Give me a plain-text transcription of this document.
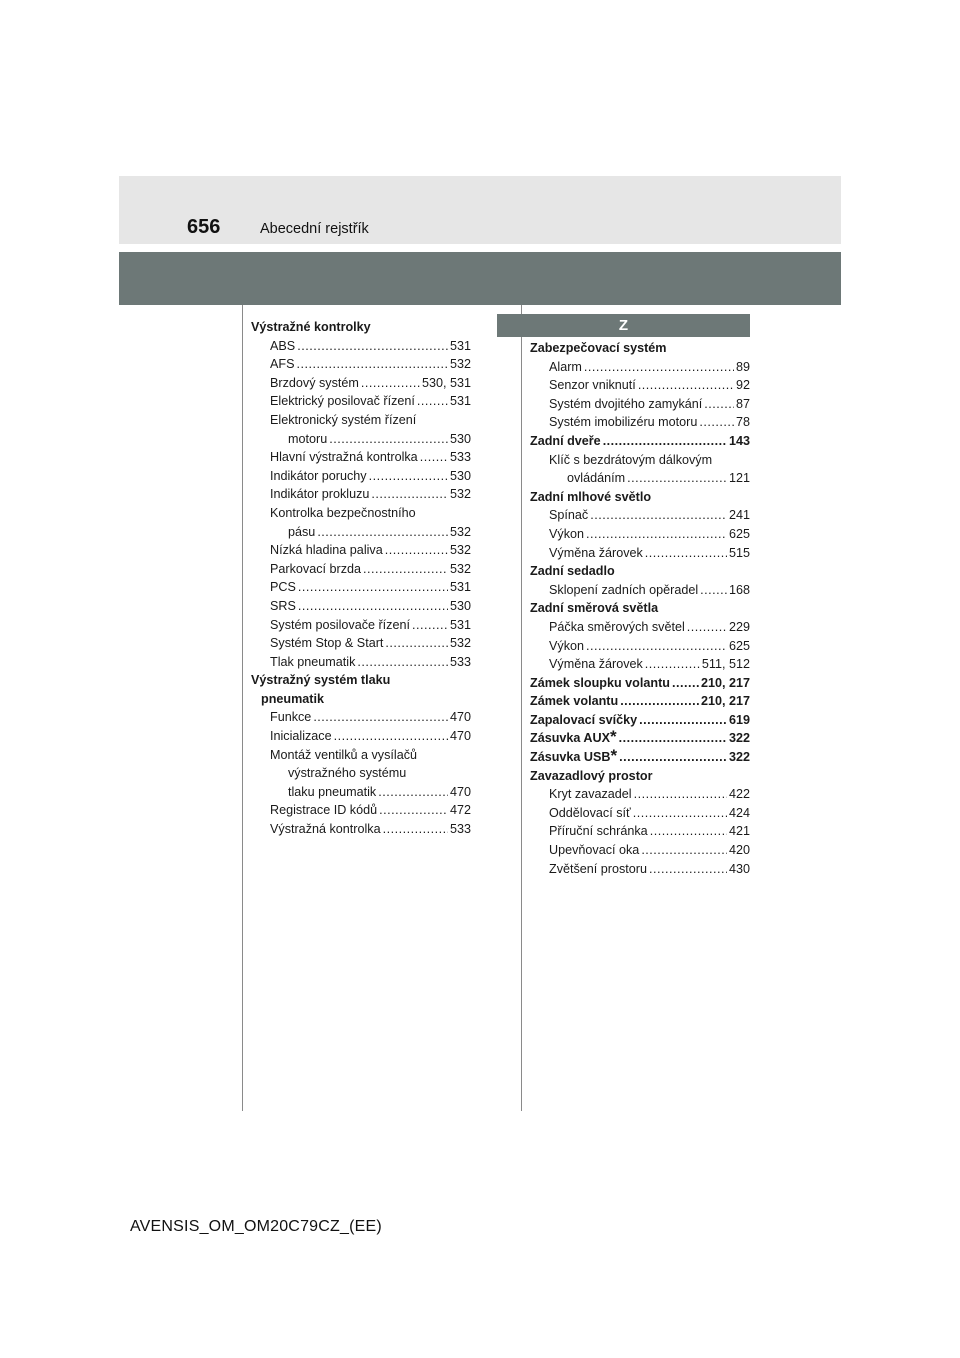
656	Abecední rejstřík
Výstražné kontrolky
ABS .....	531
AFS .....	532
Brzdový systém .....	530, 531
Elektrický posilovač řízení .....	531
Elektronický systém řízení
motoru .....	530
Hlavní výstražná kontrolka .....	533
Indikátor poruchy .....	530
Indikátor prokluzu .....	532
Kontrolka bezpečnostního
pásu .....	532
Nízká hladina paliva .....	532
Parkovací brzda .....	532
PCS .....	531
SRS .....	530
Systém posilovače řízení .....	531
Systém Stop & Start .....	532
Tlak pneumatik .....	533
Výstražný systém tlaku
pneumatik
Funkce .....	470
Inicializace .....	470
Montáž ventilků a vysílačů
výstražného systému
tlaku pneumatik .....	470
Registrace ID kódů .....	472
Výstražná kontrolka .....	533
Z
Zabezpečovací systém
Alarm .....	89
Senzor vniknutí .....	92
Systém dvojitého zamykání .....	87
Systém imobilizéru motoru .....	78
Zadní dveře .....	143
Klíč s bezdrátovým dálkovým
ovládáním .....	121
Zadní mlhové světlo
Spínač .....	241
Výkon .....	625
Výměna žárovek .....	515
Zadní sedadlo
Sklopení zadních opěradel ..... 168
Zadní směrová světla
Páčka směrových světel .....	229
Výkon .....	625
Výměna žárovek .....	511, 512
Zámek sloupku volantu ..... 210, 217
Zámek volantu .....	210, 217
Zapalovací svíčky .....	619
Zásuvka AUX * .....	322
Zásuvka USB * .....	322
Zavazadlový prostor
Kryt zavazadel .....	422
Oddělovací síť .....	424
Příruční schránka .....	421
Upevňovací oka .....	420
Zvětšení prostoru .....	430
AVENSIS_OM_OM20C79CZ_(EE)
